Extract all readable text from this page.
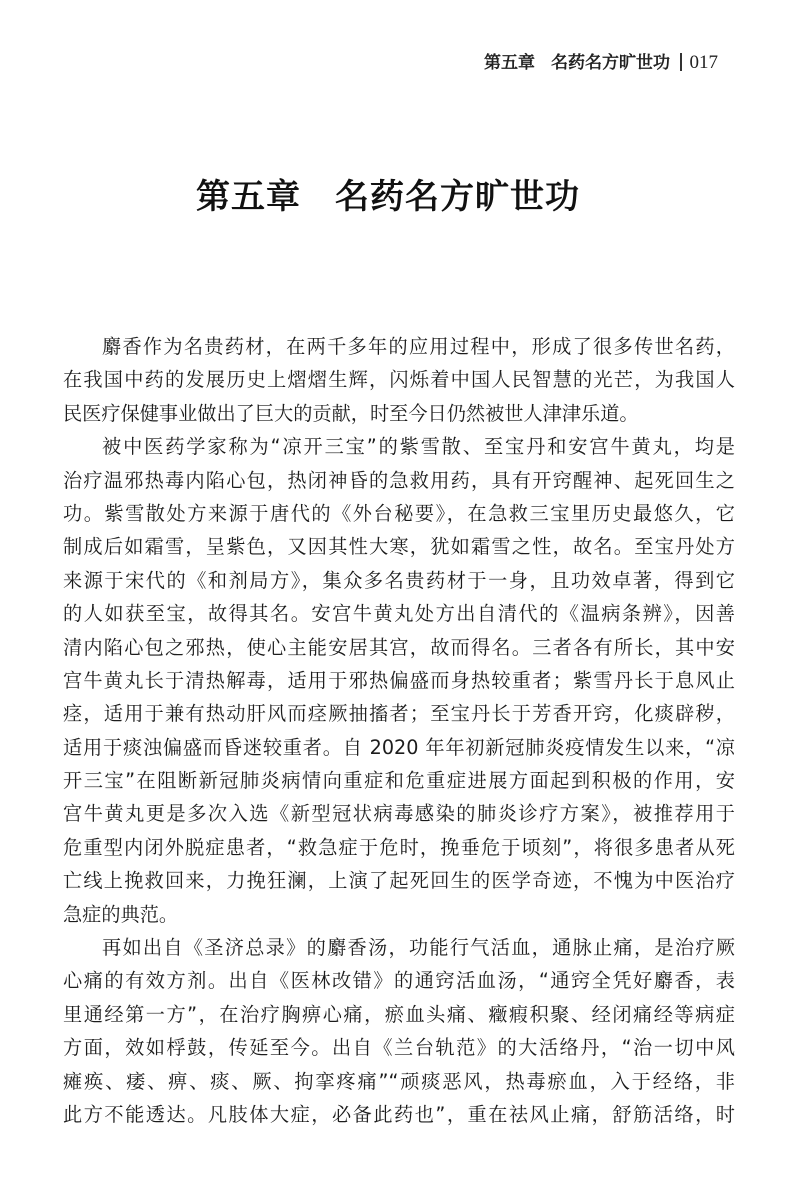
第五章 名药名方旷世功 017
第五章 名药名方旷世功
麝香作为名贵药材，在两千多年的应用过程中，形成了很多传世名药，
在我国中药的发展历史上熠熠生辉，闪烁着中国人民智慧的光芒，为我国人
民医疗保健事业做出了巨大的贡献，时至今日仍然被世人津津乐道。
被中医药学家称为“凉开三宝”的紫雪散、至宝丹和安宫牛黄丸，均是
治疗温邪热毒内陷心包，热闭神昏的急救用药，具有开窍醒神、起死回生之
功。紫雪散处方来源于唐代的《外台秘要》，在急救三宝里历史最悠久，它
制成后如霜雪，呈紫色，又因其性大寒，犹如霜雪之性，故名。至宝丹处方
来源于宋代的《和剂局方》，集众多名贵药材于一身，且功效卓著，得到它
的人如获至宝，故得其名。安宫牛黄丸处方出自清代的《温病条辨》，因善
清内陷心包之邪热，使心主能安居其宫，故而得名。三者各有所长，其中安
宫牛黄丸长于清热解毒，适用于邪热偏盛而身热较重者；紫雪丹长于息风止
痉，适用于兼有热动肝风而痉厥抽搐者；至宝丹长于芳香开窍，化痰辟秽，
适用于痰浊偏盛而昏迷较重者。自 2020 年年初新冠肺炎疫情发生以来，“凉
开三宝”在阻断新冠肺炎病情向重症和危重症进展方面起到积极的作用，安
宫牛黄丸更是多次入选《新型冠状病毒感染的肺炎诊疗方案》，被推荐用于
危重型内闭外脱症患者，“救急症于危时，挽垂危于顷刻”，将很多患者从死
亡线上挽救回来，力挽狂澜，上演了起死回生的医学奇迹，不愧为中医治疗
急症的典范。
再如出自《圣济总录》的麝香汤，功能行气活血，通脉止痛，是治疗厥
心痛的有效方剂。出自《医林改错》的通窍活血汤，“通窍全凭好麝香，表
里通经第一方”，在治疗胸痹心痛，瘀血头痛、癥瘕积聚、经闭痛经等病症
方面，效如桴鼓，传延至今。出自《兰台轨范》的大活络丹，“治一切中风
瘫痪、痿、痹、痰、厥、拘挛疼痛”“顽痰恶风，热毒瘀血，入于经络，非
此方不能透达。凡肢体大症，必备此药也”，重在祛风止痛，舒筋活络，时
